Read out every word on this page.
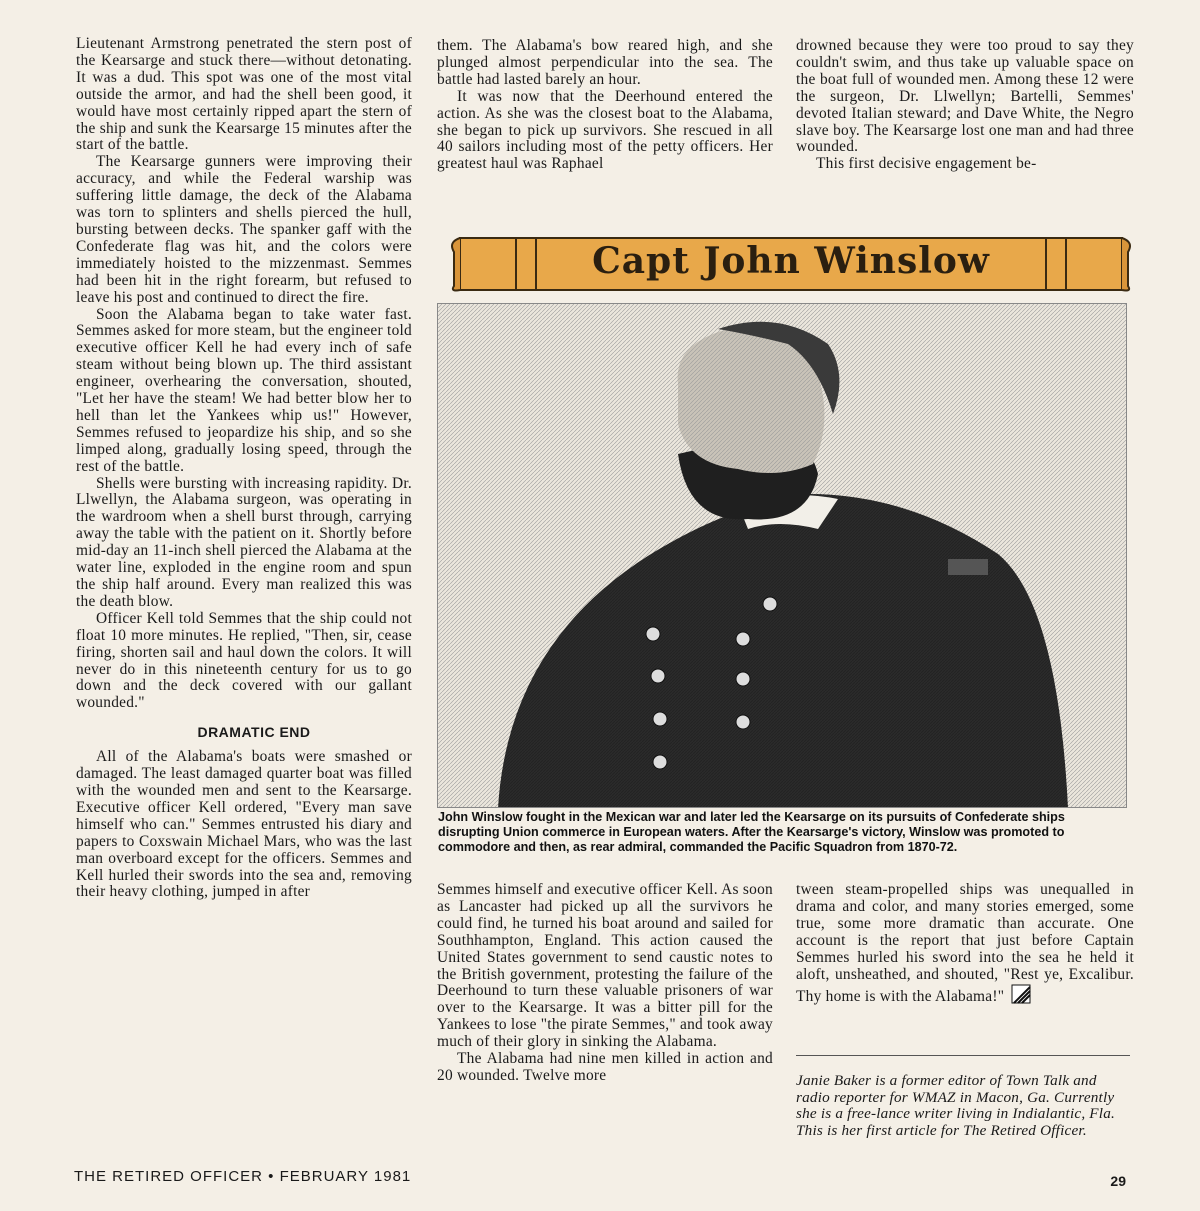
Lieutenant Armstrong penetrated the stern post of the Kearsarge and stuck there—without detonating. It was a dud. This spot was one of the most vital outside the armor, and had the shell been good, it would have most certainly ripped apart the stern of the ship and sunk the Kearsarge 15 minutes after the start of the battle.

The Kearsarge gunners were improving their accuracy, and while the Federal warship was suffering little damage, the deck of the Alabama was torn to splinters and shells pierced the hull, bursting between decks. The spanker gaff with the Confederate flag was hit, and the colors were immediately hoisted to the mizzenmast. Semmes had been hit in the right forearm, but refused to leave his post and continued to direct the fire.

Soon the Alabama began to take water fast. Semmes asked for more steam, but the engineer told executive officer Kell he had every inch of safe steam without being blown up. The third assistant engineer, overhearing the conversation, shouted, "Let her have the steam! We had better blow her to hell than let the Yankees whip us!" However, Semmes refused to jeopardize his ship, and so she limped along, gradually losing speed, through the rest of the battle.

Shells were bursting with increasing rapidity. Dr. Llwellyn, the Alabama surgeon, was operating in the wardroom when a shell burst through, carrying away the table with the patient on it. Shortly before mid-day an 11-inch shell pierced the Alabama at the water line, exploded in the engine room and spun the ship half around. Every man realized this was the death blow.

Officer Kell told Semmes that the ship could not float 10 more minutes. He replied, "Then, sir, cease firing, shorten sail and haul down the colors. It will never do in this nineteenth century for us to go down and the deck covered with our gallant wounded."

DRAMATIC END

All of the Alabama's boats were smashed or damaged. The least damaged quarter boat was filled with the wounded men and sent to the Kearsarge. Executive officer Kell ordered, "Every man save himself who can." Semmes entrusted his diary and papers to Coxswain Michael Mars, who was the last man overboard except for the officers. Semmes and Kell hurled their swords into the sea and, removing their heavy clothing, jumped in after

them. The Alabama's bow reared high, and she plunged almost perpendicular into the sea. The battle had lasted barely an hour.

It was now that the Deerhound entered the action. As she was the closest boat to the Alabama, she began to pick up survivors. She rescued in all 40 sailors including most of the petty officers. Her greatest haul was Raphael

drowned because they were too proud to say they couldn't swim, and thus take up valuable space on the boat full of wounded men. Among these 12 were the surgeon, Dr. Llwellyn; Bartelli, Semmes' devoted Italian steward; and Dave White, the Negro slave boy. The Kearsarge lost one man and had three wounded.

This first decisive engagement be-

Capt John Winslow
John Winslow fought in the Mexican war and later led the Kearsarge on its pursuits of Confederate ships disrupting Union commerce in European waters. After the Kearsarge's victory, Winslow was promoted to commodore and then, as rear admiral, commanded the Pacific Squadron from 1870-72.

Semmes himself and executive officer Kell. As soon as Lancaster had picked up all the survivors he could find, he turned his boat around and sailed for Southhampton, England. This action caused the United States government to send caustic notes to the British government, protesting the failure of the Deerhound to turn these valuable prisoners of war over to the Kearsarge. It was a bitter pill for the Yankees to lose "the pirate Semmes," and took away much of their glory in sinking the Alabama.

The Alabama had nine men killed in action and 20 wounded. Twelve more

tween steam-propelled ships was unequalled in drama and color, and many stories emerged, some true, some more dramatic than accurate. One account is the report that just before Captain Semmes hurled his sword into the sea he held it aloft, unsheathed, and shouted, "Rest ye, Excalibur. Thy home is with the Alabama!"

Janie Baker is a former editor of Town Talk and radio reporter for WMAZ in Macon, Ga. Currently she is a free-lance writer living in Indialantic, Fla. This is her first article for The Retired Officer.
THE RETIRED OFFICER • FEBRUARY 1981	29
